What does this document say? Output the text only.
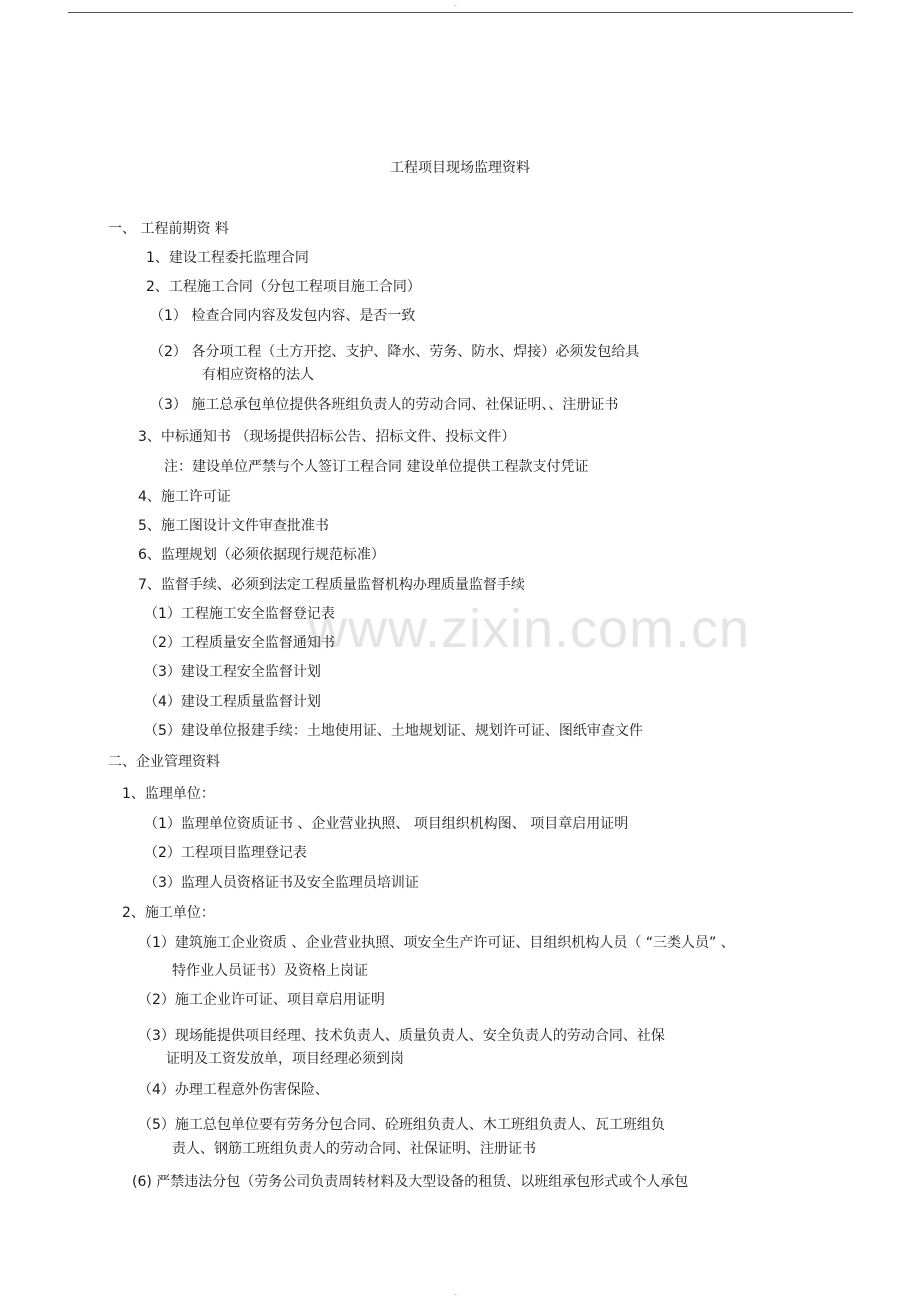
-
www.zixin.com.cn
工程项目现场监理资料
一、 工程前期资 料
1、建设工程委托监理合同
2、工程施工合同（分包工程项目施工合同）
（1） 检查合同内容及发包内容、是否一致
（2） 各分项工程（土方开挖、支护、降水、劳务、防水、焊接）必须发包给具
有相应资格的法人
（3） 施工总承包单位提供各班组负责人的劳动合同、社保证明、、注册证书
3、中标通知书 （现场提供招标公告、招标文件、投标文件）
注：建设单位严禁与个人签订工程合同 建设单位提供工程款支付凭证
4、施工许可证
5、施工图设计文件审查批准书
6、监理规划（必须依据现行规范标准）
7、监督手续、必须到法定工程质量监督机构办理质量监督手续
（1）工程施工安全监督登记表
（2）工程质量安全监督通知书
（3）建设工程安全监督计划
（4）建设工程质量监督计划
（5）建设单位报建手续：土地使用证、土地规划证、规划许可证、图纸审查文件
二、企业管理资料
1、监理单位：
（1）监理单位资质证书 、企业营业执照、 项目组织机构图、 项目章启用证明
（2）工程项目监理登记表
（3）监理人员资格证书及安全监理员培训证
2、施工单位：
（1）建筑施工企业资质 、企业营业执照、项安全生产许可证、目组织机构人员（ “三类人员” 、
特作业人员证书）及资格上岗证
（2）施工企业许可证、项目章启用证明
（3）现场能提供项目经理、技术负责人、质量负责人、安全负责人的劳动合同、社保
证明及工资发放单，项目经理必须到岗
（4）办理工程意外伤害保险、
（5）施工总包单位要有劳务分包合同、砼班组负责人、木工班组负责人、瓦工班组负
责人、钢筋工班组负责人的劳动合同、社保证明、注册证书
(6) 严禁违法分包（劳务公司负责周转材料及大型设备的租赁、以班组承包形式或个人承包
-
